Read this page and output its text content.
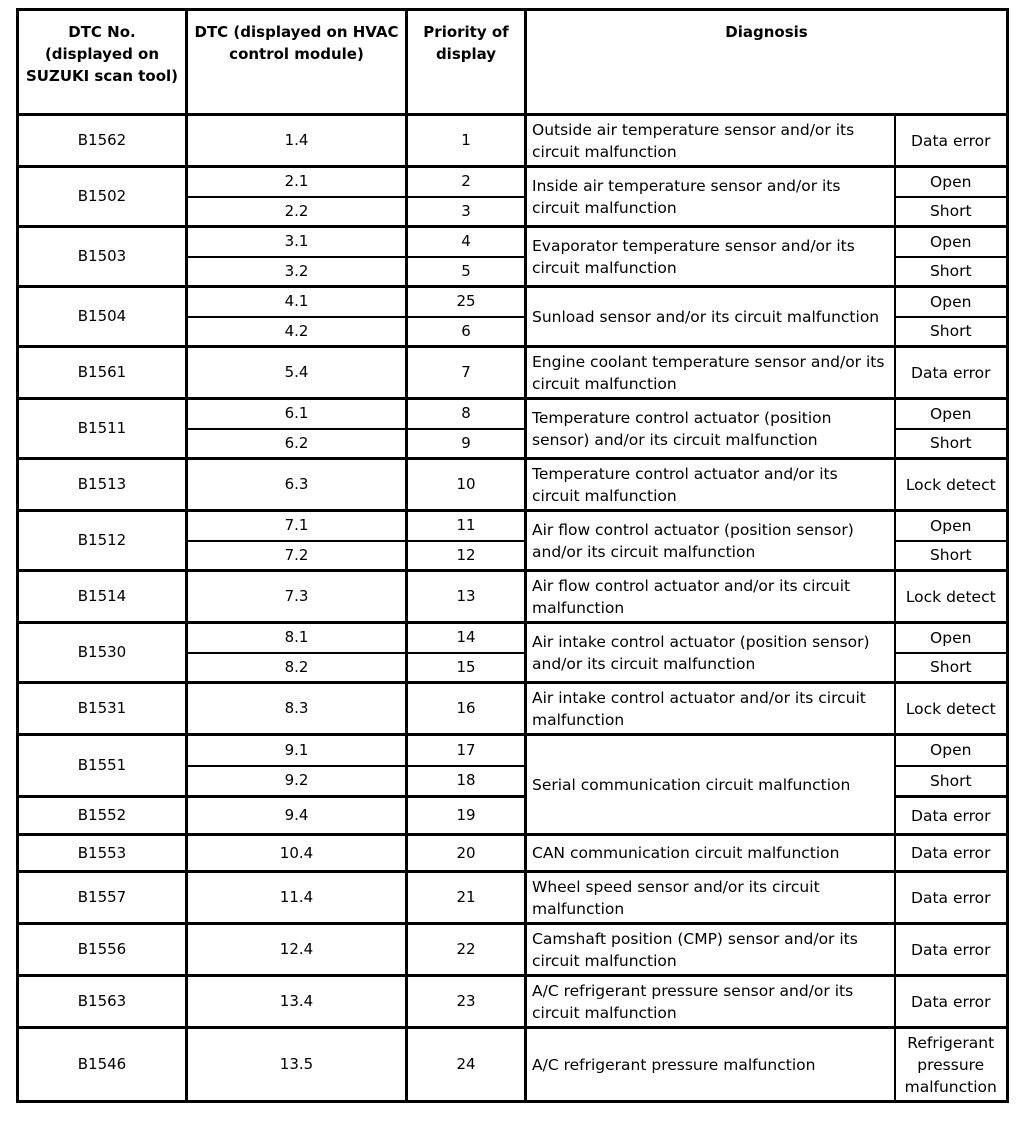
DTC No. (displayed on SUZUKI scan tool)	DTC (displayed on HVAC control module)	Priority of display	Diagnosis	
B1562	1.4	1	Outside air temperature sensor and/or its circuit malfunction	Data error
B1502	2.1	2	Inside air temperature sensor and/or its circuit malfunction	Open
	2.2	3		Short
B1503	3.1	4	Evaporator temperature sensor and/or its circuit malfunction	Open
	3.2	5		Short
B1504	4.1	25	Sunload sensor and/or its circuit malfunction	Open
	4.2	6		Short
B1561	5.4	7	Engine coolant temperature sensor and/or its circuit malfunction	Data error
B1511	6.1	8	Temperature control actuator (position sensor) and/or its circuit malfunction	Open
	6.2	9		Short
B1513	6.3	10	Temperature control actuator and/or its circuit malfunction	Lock detect
B1512	7.1	11	Air flow control actuator (position sensor) and/or its circuit malfunction	Open
	7.2	12		Short
B1514	7.3	13	Air flow control actuator and/or its circuit malfunction	Lock detect
B1530	8.1	14	Air intake control actuator (position sensor) and/or its circuit malfunction	Open
	8.2	15		Short
B1531	8.3	16	Air intake control actuator and/or its circuit malfunction	Lock detect
B1551	9.1	17	Serial communication circuit malfunction	Open
	9.2	18		Short
B1552	9.4	19		Data error
B1553	10.4	20	CAN communication circuit malfunction	Data error
B1557	11.4	21	Wheel speed sensor and/or its circuit malfunction	Data error
B1556	12.4	22	Camshaft position (CMP) sensor and/or its circuit malfunction	Data error
B1563	13.4	23	A/C refrigerant pressure sensor and/or its circuit malfunction	Data error
B1546	13.5	24	A/C refrigerant pressure malfunction	Refrigerant pressure malfunction
